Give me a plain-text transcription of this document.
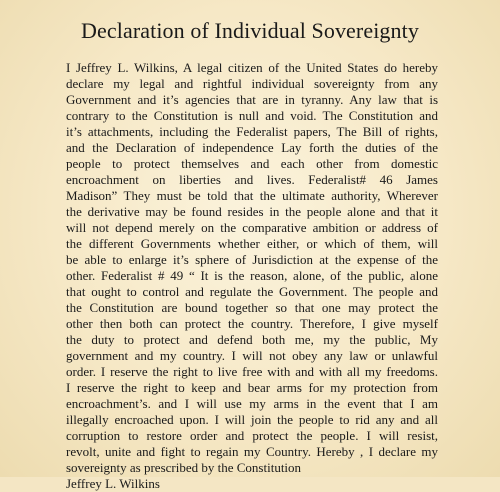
Declaration of Individual Sovereignty
I Jeffrey L. Wilkins, A legal citizen of the United States do hereby
declare my legal and rightful individual sovereignty from any
Government and it’s agencies that are in tyranny. Any law that is
contrary to the Constitution is null and void. The Constitution and
it’s attachments, including the Federalist papers, The Bill of rights,
and the Declaration of independence Lay forth the duties of the
people to protect themselves and each other from domestic
encroachment on liberties and lives. Federalist# 46 James
Madison” They must be told that the ultimate authority, Wherever
the derivative may be found resides in the people alone and that it
will not depend merely on the comparative ambition or address of
the different Governments whether either, or which of them, will
be able to enlarge it’s sphere of Jurisdiction at the expense of the
other. Federalist # 49 “ It is the reason, alone, of the public, alone
that ought to control and regulate the Government. The people and
the Constitution are bound together so that one may protect the
other then both can protect the country. Therefore, I give myself
the duty to protect and defend both me, my the public, My
government and my country. I will not obey any law or unlawful
order. I reserve the right to live free with and with all my freedoms.
I reserve the right to keep and bear arms for my protection from
encroachment’s. and I will use my arms in the event that I am
illegally encroached upon. I will join the people to rid any and all
corruption to restore order and protect the people. I will resist,
revolt, unite and fight to regain my Country. Hereby , I declare my
sovereignty as prescribed by the Constitution
Jeffrey L. Wilkins
